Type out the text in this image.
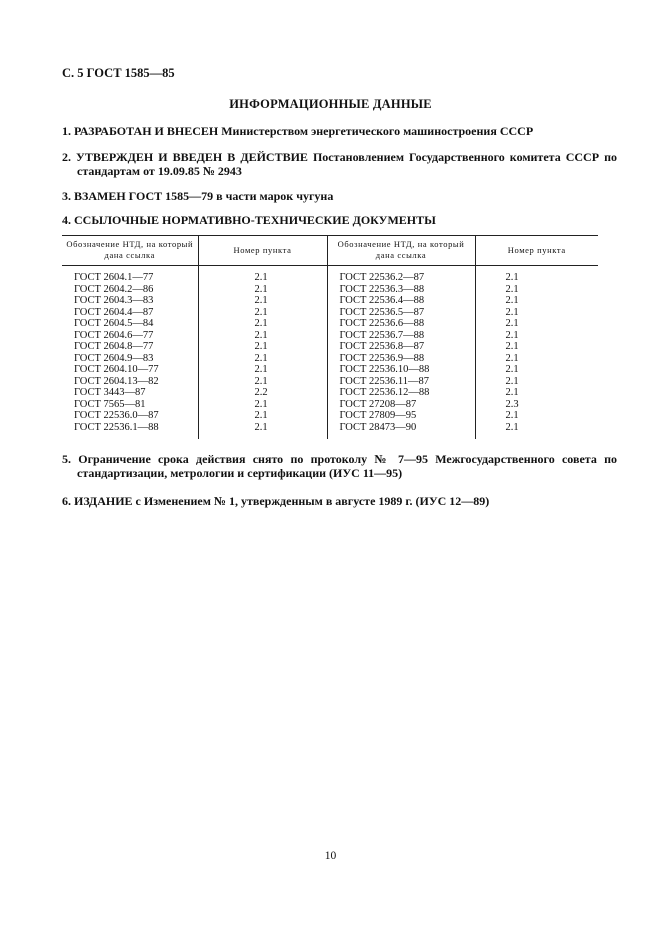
С. 5 ГОСТ 1585—85
ИНФОРМАЦИОННЫЕ ДАННЫЕ
1. РАЗРАБОТАН И ВНЕСЕН Министерством энергетического машиностроения СССР
2. УТВЕРЖДЕН И ВВЕДЕН В ДЕЙСТВИЕ Постановлением Государственного комитета СССР по стандартам от 19.09.85 № 2943
3. ВЗАМЕН ГОСТ 1585—79 в части марок чугуна
4. ССЫЛОЧНЫЕ НОРМАТИВНО-ТЕХНИЧЕСКИЕ ДОКУМЕНТЫ
Обозначение НТД, на который дана ссылка	Номер пункта	Обозначение НТД, на который дана ссылка	Номер пункта
ГОСТ 2604.1—77	2.1	ГОСТ 22536.2—87	2.1
ГОСТ 2604.2—86	2.1	ГОСТ 22536.3—88	2.1
ГОСТ 2604.3—83	2.1	ГОСТ 22536.4—88	2.1
ГОСТ 2604.4—87	2.1	ГОСТ 22536.5—87	2.1
ГОСТ 2604.5—84	2.1	ГОСТ 22536.6—88	2.1
ГОСТ 2604.6—77	2.1	ГОСТ 22536.7—88	2.1
ГОСТ 2604.8—77	2.1	ГОСТ 22536.8—87	2.1
ГОСТ 2604.9—83	2.1	ГОСТ 22536.9—88	2.1
ГОСТ 2604.10—77	2.1	ГОСТ 22536.10—88	2.1
ГОСТ 2604.13—82	2.1	ГОСТ 22536.11—87	2.1
ГОСТ 3443—87	2.2	ГОСТ 22536.12—88	2.1
ГОСТ 7565—81	2.1	ГОСТ 27208—87	2.3
ГОСТ 22536.0—87	2.1	ГОСТ 27809—95	2.1
ГОСТ 22536.1—88	2.1	ГОСТ 28473—90	2.1
5. Ограничение срока действия снято по протоколу № 7—95 Межгосударственного совета по стандартизации, метрологии и сертификации (ИУС 11—95)
6. ИЗДАНИЕ с Изменением № 1, утвержденным в августе 1989 г. (ИУС 12—89)
10
